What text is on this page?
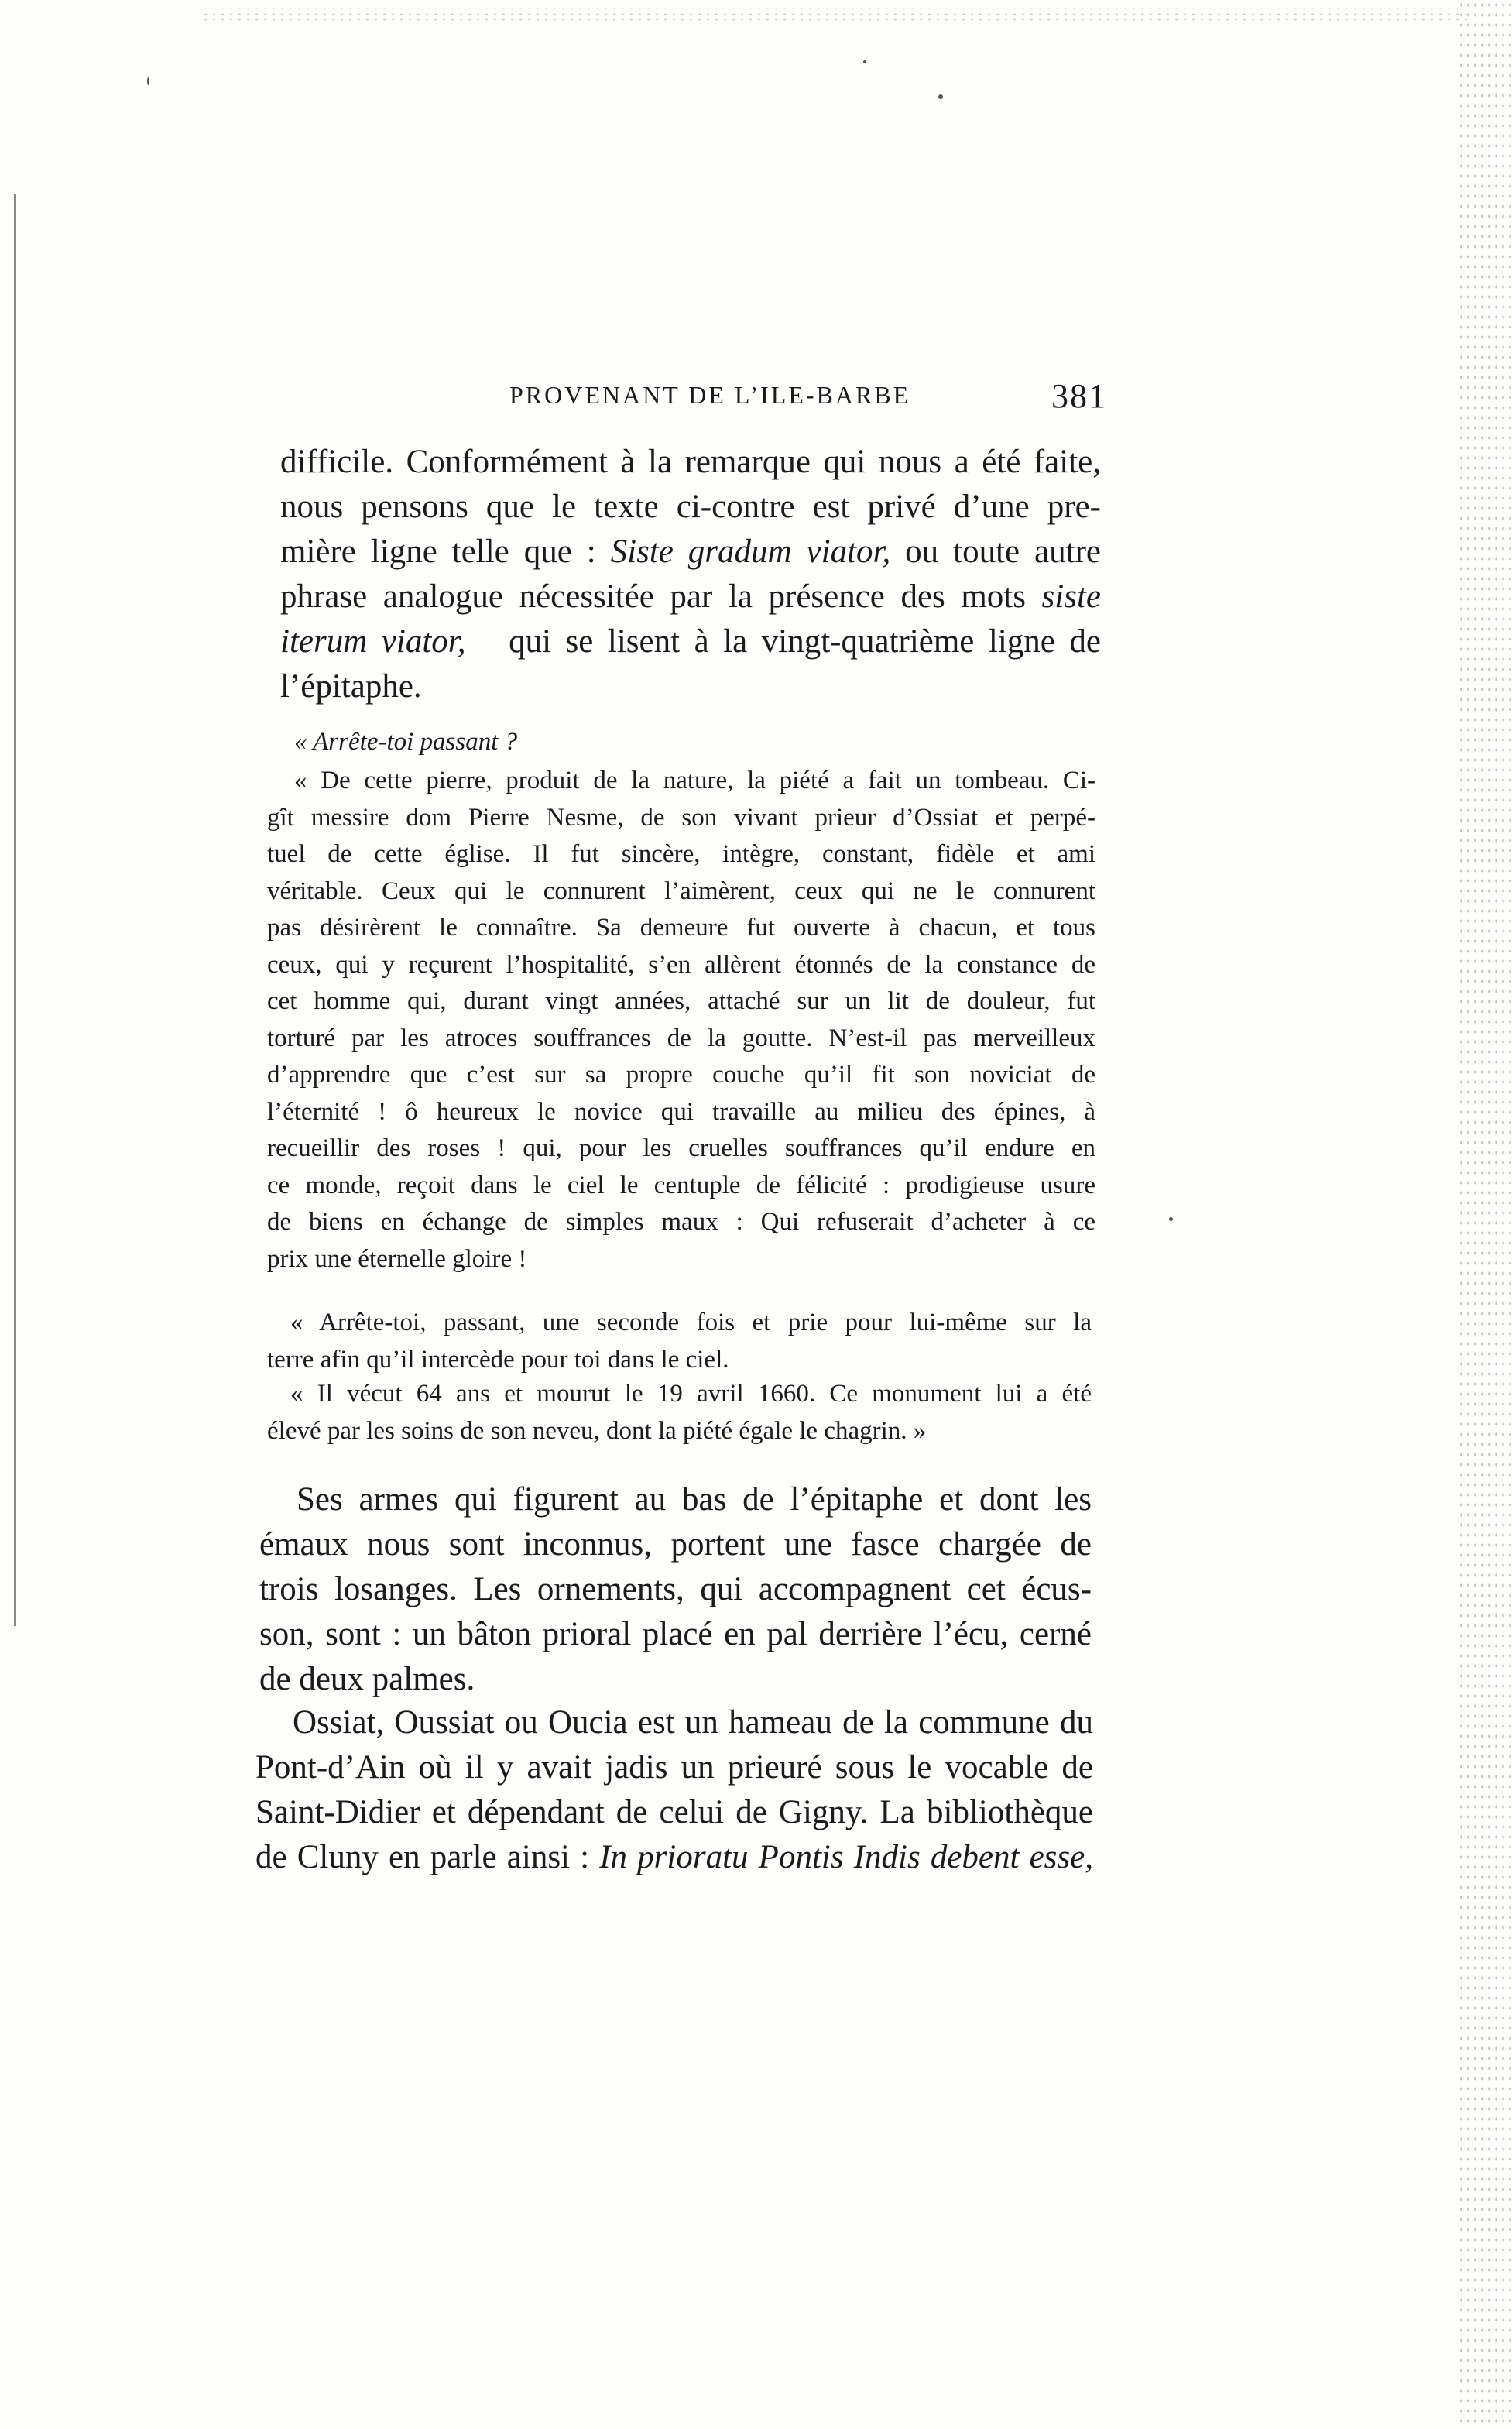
PROVENANT DE L’ILE-BARBE	381
difficile. Conformément à la remarque qui nous a été faite,
nous pensons que le texte ci-contre est privé d’une pre-
mière ligne telle que : Siste gradum viator, ou toute autre
phrase analogue nécessitée par la présence des mots siste
iterum viator, qui se lisent à la vingt-quatrième ligne de
l’épitaphe.
« Arrête-toi passant ?
« De cette pierre, produit de la nature, la piété a fait un tombeau. Ci-
gît messire dom Pierre Nesme, de son vivant prieur d’Ossiat et perpé-
tuel de cette église. Il fut sincère, intègre, constant, fidèle et ami
véritable. Ceux qui le connurent l’aimèrent, ceux qui ne le connurent
pas désirèrent le connaître. Sa demeure fut ouverte à chacun, et tous
ceux, qui y reçurent l’hospitalité, s’en allèrent étonnés de la constance de
cet homme qui, durant vingt années, attaché sur un lit de douleur, fut
torturé par les atroces souffrances de la goutte. N’est-il pas merveilleux
d’apprendre que c’est sur sa propre couche qu’il fit son noviciat de
l’éternité ! ô heureux le novice qui travaille au milieu des épines, à
recueillir des roses ! qui, pour les cruelles souffrances qu’il endure en
ce monde, reçoit dans le ciel le centuple de félicité : prodigieuse usure
de biens en échange de simples maux : Qui refuserait d’acheter à ce
prix une éternelle gloire !
« Arrête-toi, passant, une seconde fois et prie pour lui-même sur la
terre afin qu’il intercède pour toi dans le ciel.
« Il vécut 64 ans et mourut le 19 avril 1660. Ce monument lui a été
élevé par les soins de son neveu, dont la piété égale le chagrin. »
Ses armes qui figurent au bas de l’épitaphe et dont les
émaux nous sont inconnus, portent une fasce chargée de
trois losanges. Les ornements, qui accompagnent cet écus-
son, sont : un bâton prioral placé en pal derrière l’écu, cerné
de deux palmes.
Ossiat, Oussiat ou Oucia est un hameau de la commune du
Pont-d’Ain où il y avait jadis un prieuré sous le vocable de
Saint-Didier et dépendant de celui de Gigny. La bibliothèque
de Cluny en parle ainsi : In prioratu Pontis Indis debent esse,
